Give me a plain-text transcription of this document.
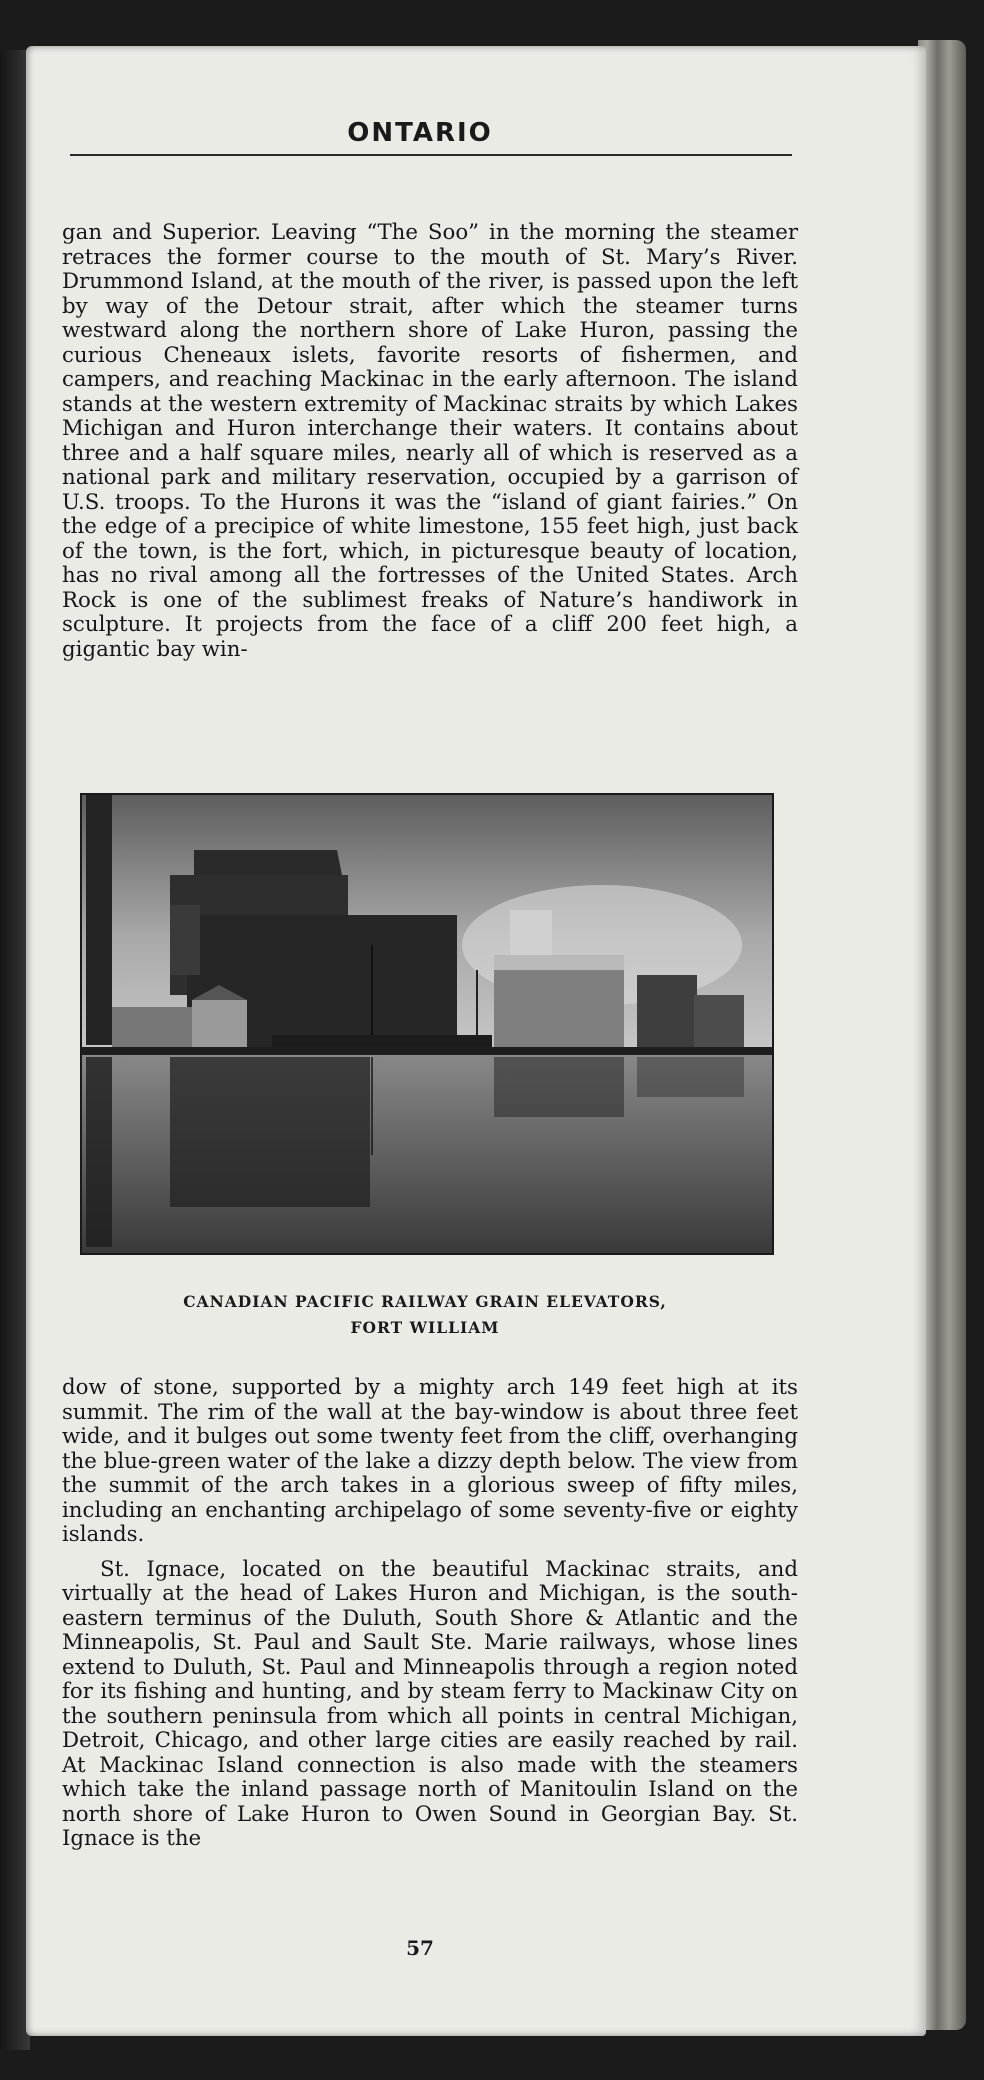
ONTARIO

gan and Superior. Leaving “The Soo” in the morning the steamer retraces the former course to the mouth of St. Mary’s River. Drummond Island, at the mouth of the river, is passed upon the left by way of the Detour strait, after which the steamer turns westward along the northern shore of Lake Huron, passing the curious Cheneaux islets, favorite resorts of fishermen, and campers, and reaching Mackinac in the early afternoon. The island stands at the western extremity of Mackinac straits by which Lakes Michigan and Huron interchange their waters. It contains about three and a half square miles, nearly all of which is reserved as a national park and military reservation, occupied by a garrison of U.S. troops. To the Hurons it was the “island of giant fairies.” On the edge of a precipice of white limestone, 155 feet high, just back of the town, is the fort, which, in picturesque beauty of location, has no rival among all the fortresses of the United States. Arch Rock is one of the sublimest freaks of Nature’s handiwork in sculpture. It projects from the face of a cliff 200 feet high, a gigantic bay win-

CANADIAN PACIFIC RAILWAY GRAIN ELEVATORS,
FORT WILLIAM

dow of stone, supported by a mighty arch 149 feet high at its summit. The rim of the wall at the bay-window is about three feet wide, and it bulges out some twenty feet from the cliff, overhanging the blue-green water of the lake a dizzy depth below. The view from the summit of the arch takes in a glorious sweep of fifty miles, including an enchanting archipelago of some seventy-five or eighty islands.

St. Ignace, located on the beautiful Mackinac straits, and virtually at the head of Lakes Huron and Michigan, is the south-eastern terminus of the Duluth, South Shore & Atlantic and the Minneapolis, St. Paul and Sault Ste. Marie railways, whose lines extend to Duluth, St. Paul and Minneapolis through a region noted for its fishing and hunting, and by steam ferry to Mackinaw City on the southern peninsula from which all points in central Michigan, Detroit, Chicago, and other large cities are easily reached by rail. At Mackinac Island connection is also made with the steamers which take the inland passage north of Manitoulin Island on the north shore of Lake Huron to Owen Sound in Georgian Bay. St. Ignace is the

57
